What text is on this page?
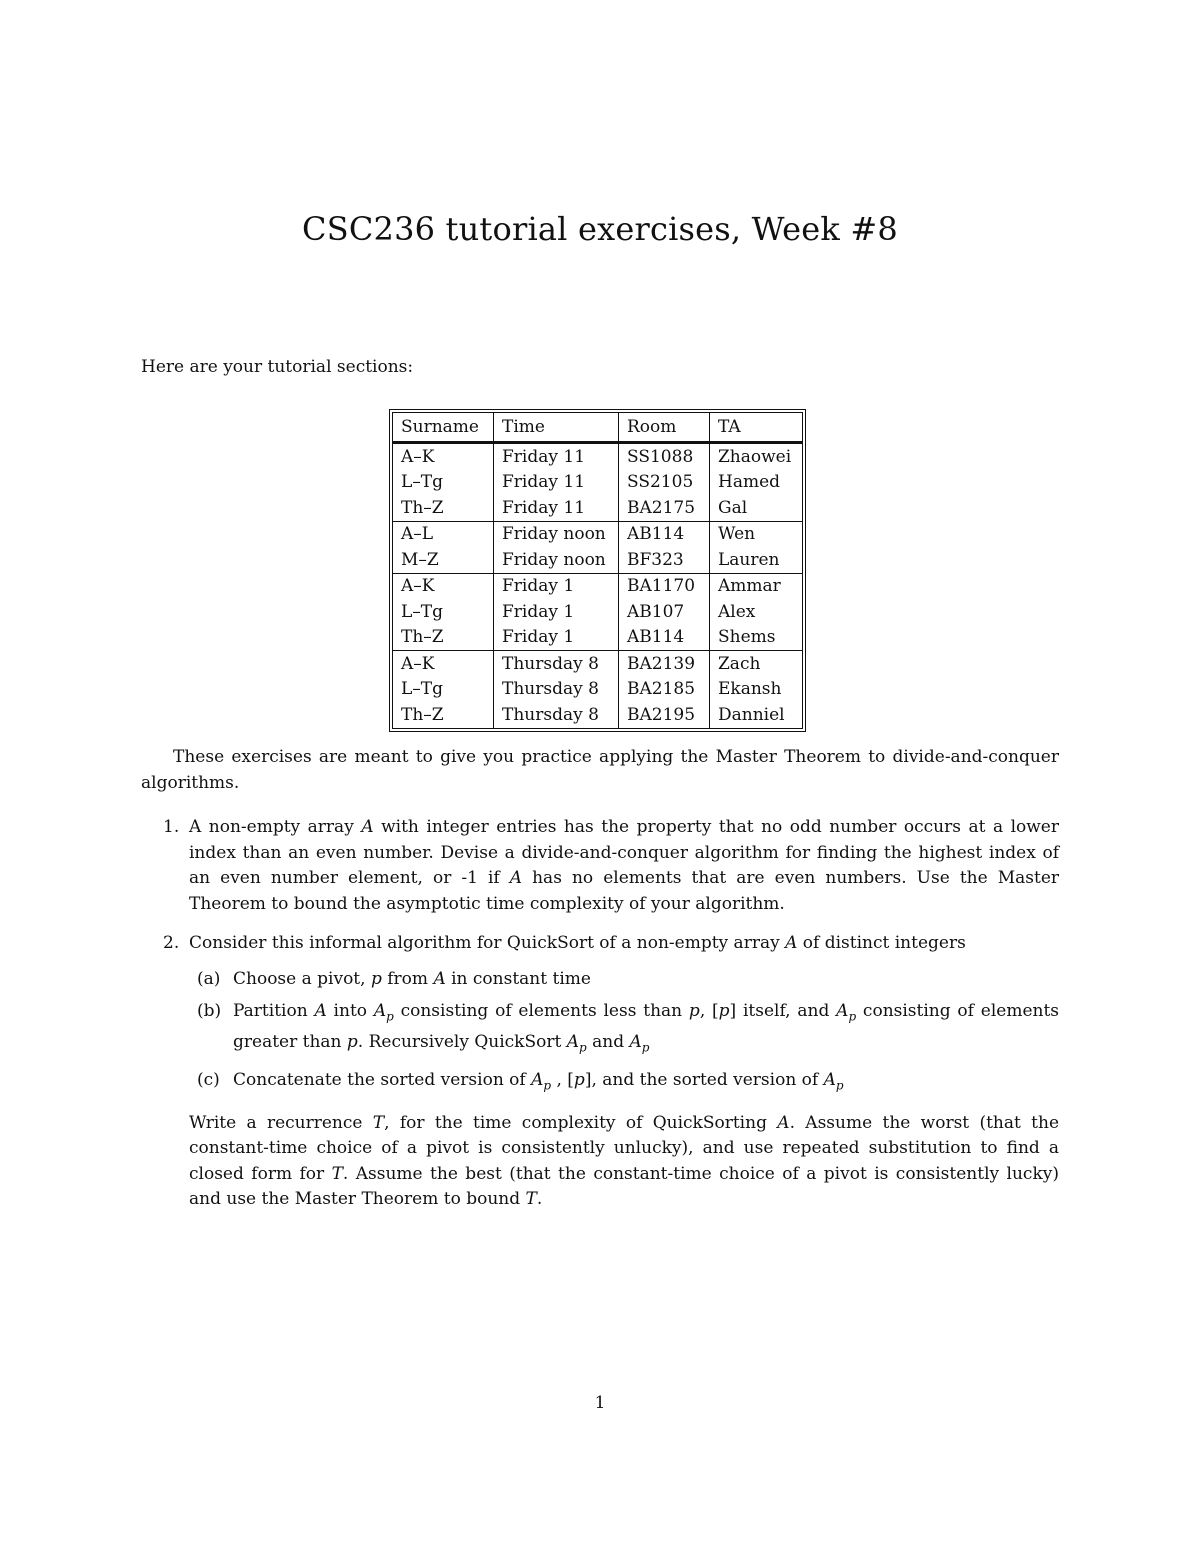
CSC236 tutorial exercises, Week #8

Here are your tutorial sections:

Surname	Time	Room	TA
A–K	Friday 11	SS1088	Zhaowei
L–Tg	Friday 11	SS2105	Hamed
Th–Z	Friday 11	BA2175	Gal
A–L	Friday noon	AB114	Wen
M–Z	Friday noon	BF323	Lauren
A–K	Friday 1	BA1170	Ammar
L–Tg	Friday 1	AB107	Alex
Th–Z	Friday 1	AB114	Shems
A–K	Thursday 8	BA2139	Zach
L–Tg	Thursday 8	BA2185	Ekansh
Th–Z	Thursday 8	BA2195	Danniel

These exercises are meant to give you practice applying the Master Theorem to divide-and-conquer algorithms.

1. A non-empty array A with integer entries has the property that no odd number occurs at a lower index than an even number. Devise a divide-and-conquer algorithm for finding the highest index of an even number element, or -1 if A has no elements that are even numbers. Use the Master Theorem to bound the asymptotic time complexity of your algorithm.
2. Consider this informal algorithm for QuickSort of a non-empty array A of distinct integers
(a) Choose a pivot, p from A in constant time
(b) Partition A into $A_p$ consisting of elements less than p, [p] itself, and $A_p$ consisting of elements greater than p. Recursively QuickSort $A_p$ and $A_p$
(c) Concatenate the sorted version of $A_p$ , [p], and the sorted version of $A_p$
Write a recurrence T, for the time complexity of QuickSorting A. Assume the worst (that the constant-time choice of a pivot is consistently unlucky), and use repeated substitution to find a closed form for T. Assume the best (that the constant-time choice of a pivot is consistently lucky) and use the Master Theorem to bound T.
1
